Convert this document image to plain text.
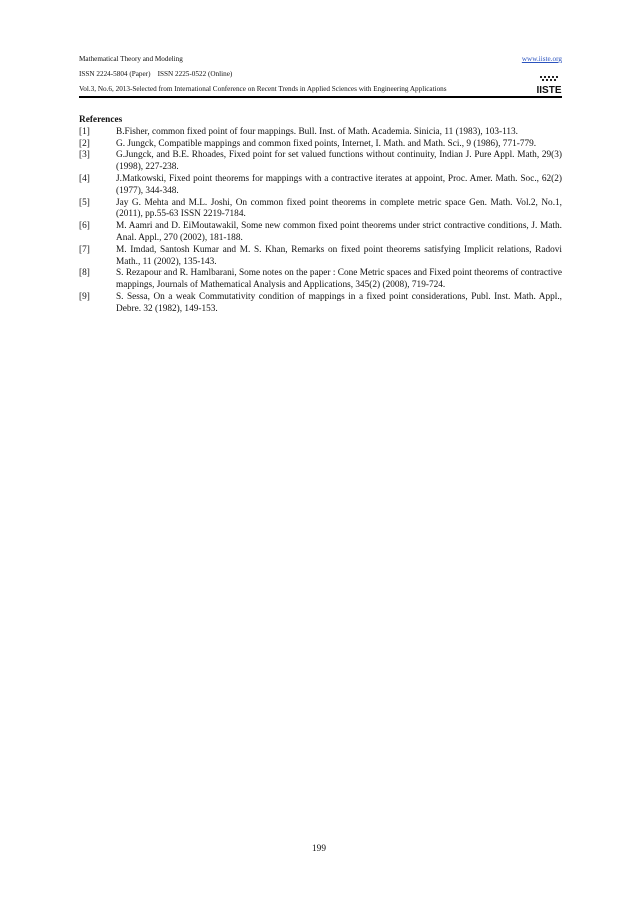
Mathematical Theory and Modeling	www.iiste.org
ISSN 2224-5804 (Paper)    ISSN 2225-0522 (Online)
Vol.3, No.6, 2013-Selected from International Conference on Recent Trends in Applied Sciences with Engineering Applications	IISTE
References
[1]	B.Fisher, common fixed point of four mappings. Bull. Inst. of Math. Academia. Sinicia, 11 (1983), 103-113.
[2]	G. Jungck, Compatible mappings and common fixed points, Internet, I. Math. and Math. Sci., 9 (1986), 771-779.
[3]	G.Jungck, and B.E. Rhoades, Fixed point for set valued functions without continuity, Indian J. Pure Appl. Math, 29(3) (1998), 227-238.
[4]	J.Matkowski, Fixed point theorems for mappings with a contractive iterates at appoint, Proc. Amer. Math. Soc., 62(2) (1977), 344-348.
[5]	Jay G. Mehta and M.L. Joshi, On common fixed point theorems in complete metric space Gen. Math. Vol.2, No.1, (2011), pp.55-63 ISSN 2219-7184.
[6]	M. Aamri and D. EiMoutawakil, Some new common fixed point theorems under strict contractive conditions, J. Math. Anal. Appl., 270 (2002), 181-188.
[7]	M. Imdad, Santosh Kumar and M. S. Khan, Remarks on fixed point theorems satisfying Implicit relations, Radovi Math., 11 (2002), 135-143.
[8]	S. Rezapour and R. Hamlbarani, Some notes on the paper : Cone Metric spaces and Fixed point theorems of contractive mappings, Journals of Mathematical Analysis and Applications, 345(2) (2008), 719-724.
[9]	S. Sessa, On a weak Commutativity condition of mappings in a fixed point considerations, Publ. Inst. Math. Appl., Debre. 32 (1982), 149-153.
199
